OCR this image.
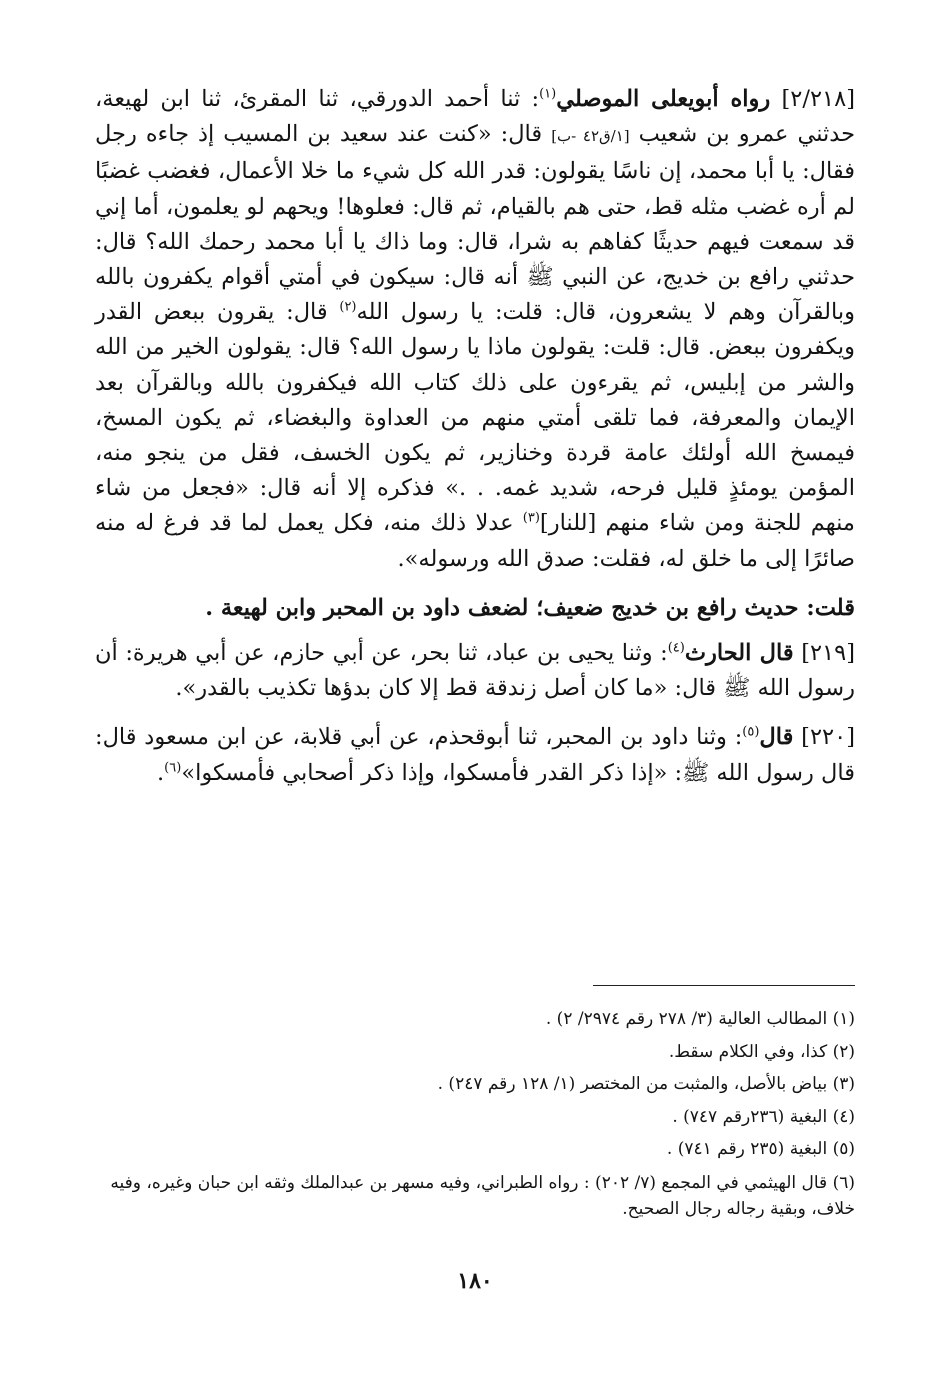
[٢/٢١٨] رواه أبويعلى الموصلي$^{(١)}$: ثنا أحمد الدورقي، ثنا المقرئ، ثنا ابن لهيعة، حدثني عمرو بن شعيب [١/ق٤٢ -ب] قال: «كنت عند سعيد بن المسيب إذ جاءه رجل فقال: يا أبا محمد، إن ناسًا يقولون: قدر الله كل شيء ما خلا الأعمال، فغضب غضبًا لم أره غضب مثله قط، حتى هم بالقيام، ثم قال: فعلوها! ويحهم لو يعلمون، أما إني قد سمعت فيهم حديثًا كفاهم به شرا، قال: وما ذاك يا أبا محمد رحمك الله؟ قال: حدثني رافع بن خديج، عن النبي ﷺ أنه قال: سيكون في أمتي أقوام يكفرون بالله وبالقرآن وهم لا يشعرون، قال: قلت: يا رسول الله$^{(٢)}$ قال: يقرون ببعض القدر ويكفرون ببعض. قال: قلت: يقولون ماذا يا رسول الله؟ قال: يقولون الخير من الله والشر من إبليس، ثم يقرءون على ذلك كتاب الله فيكفرون بالله وبالقرآن بعد الإيمان والمعرفة، فما تلقى أمتي منهم من العداوة والبغضاء، ثم يكون المسخ، فيمسخ الله أولئك عامة قردة وخنازير، ثم يكون الخسف، فقل من ينجو منه، المؤمن يومئذٍ قليل فرحه، شديد غمه. . .» فذكره إلا أنه قال: «فجعل من شاء منهم للجنة ومن شاء منهم [للنار]$^{(٣)}$ عدلا ذلك منه، فكل يعمل لما قد فرغ له منه صائرًا إلى ما خلق له، فقلت: صدق الله ورسوله».

قلت: حديث رافع بن خديج ضعيف؛ لضعف داود بن المحبر وابن لهيعة .

[٢١٩] قال الحارث$^{(٤)}$: وثنا يحيى بن عباد، ثنا بحر، عن أبي حازم، عن أبي هريرة: أن رسول الله ﷺ قال: «ما كان أصل زندقة قط إلا كان بدؤها تكذيب بالقدر».

[٢٢٠] قال$^{(٥)}$: وثنا داود بن المحبر، ثنا أبوقحذم، عن أبي قلابة، عن ابن مسعود قال: قال رسول الله ﷺ: «إذا ذكر القدر فأمسكوا، وإذا ذكر أصحابي فأمسكوا»$^{(٦)}$.

(١) المطالب العالية (٣/ ٢٧٨ رقم ٢٩٧٤/ ٢) .

(٢) كذا، وفي الكلام سقط.

(٣) بياض بالأصل، والمثبت من المختصر (١/ ١٢٨ رقم ٢٤٧) .

(٤) البغية (٢٣٦رقم ٧٤٧) .

(٥) البغية (٢٣٥ رقم ٧٤١) .

(٦) قال الهيثمي في المجمع (٧/ ٢٠٢) : رواه الطبراني، وفيه مسهر بن عبدالملك وثقه ابن حبان وغيره، وفيه خلاف، وبقية رجاله رجال الصحيح.

١٨٠
